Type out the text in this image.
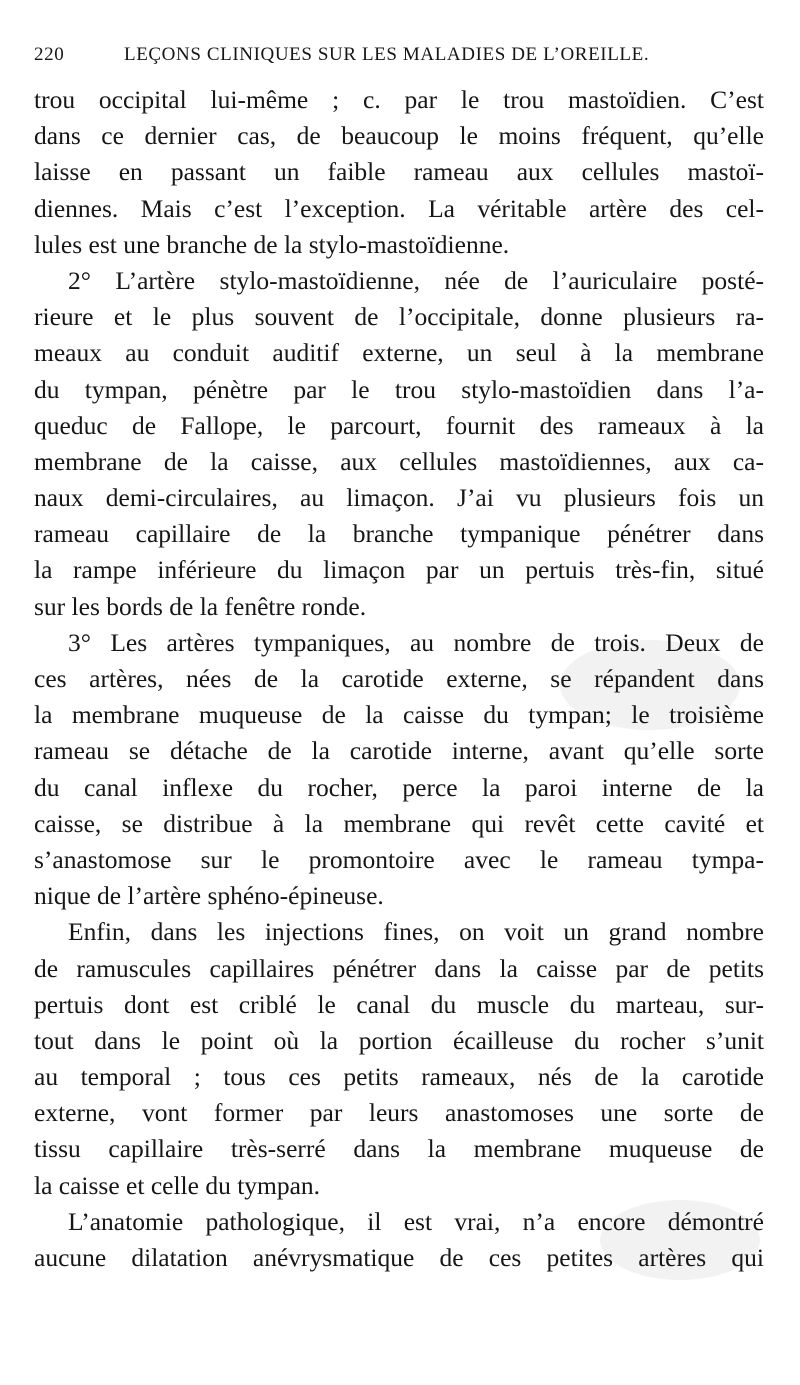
220	LEÇONS CLINIQUES SUR LES MALADIES DE L’OREILLE.
trou occipital lui-même ; c. par le trou mastoïdien. C’est
dans ce dernier cas, de beaucoup le moins fréquent, qu’elle
laisse en passant un faible rameau aux cellules mastoï-
diennes. Mais c’est l’exception. La véritable artère des cel-
lules est une branche de la stylo-mastoïdienne.
2° L’artère stylo-mastoïdienne, née de l’auriculaire posté-
rieure et le plus souvent de l’occipitale, donne plusieurs ra-
meaux au conduit auditif externe, un seul à la membrane
du tympan, pénètre par le trou stylo-mastoïdien dans l’a-
queduc de Fallope, le parcourt, fournit des rameaux à la
membrane de la caisse, aux cellules mastoïdiennes, aux ca-
naux demi-circulaires, au limaçon. J’ai vu plusieurs fois un
rameau capillaire de la branche tympanique pénétrer dans
la rampe inférieure du limaçon par un pertuis très-fin, situé
sur les bords de la fenêtre ronde.
3° Les artères tympaniques, au nombre de trois. Deux de
ces artères, nées de la carotide externe, se répandent dans
la membrane muqueuse de la caisse du tympan; le troisième
rameau se détache de la carotide interne, avant qu’elle sorte
du canal inflexe du rocher, perce la paroi interne de la
caisse, se distribue à la membrane qui revêt cette cavité et
s’anastomose sur le promontoire avec le rameau tympa-
nique de l’artère sphéno-épineuse.
Enfin, dans les injections fines, on voit un grand nombre
de ramuscules capillaires pénétrer dans la caisse par de petits
pertuis dont est criblé le canal du muscle du marteau, sur-
tout dans le point où la portion écailleuse du rocher s’unit
au temporal ; tous ces petits rameaux, nés de la carotide
externe, vont former par leurs anastomoses une sorte de
tissu capillaire très-serré dans la membrane muqueuse de
la caisse et celle du tympan.
L’anatomie pathologique, il est vrai, n’a encore démontré
aucune dilatation anévrysmatique de ces petites artères qui
